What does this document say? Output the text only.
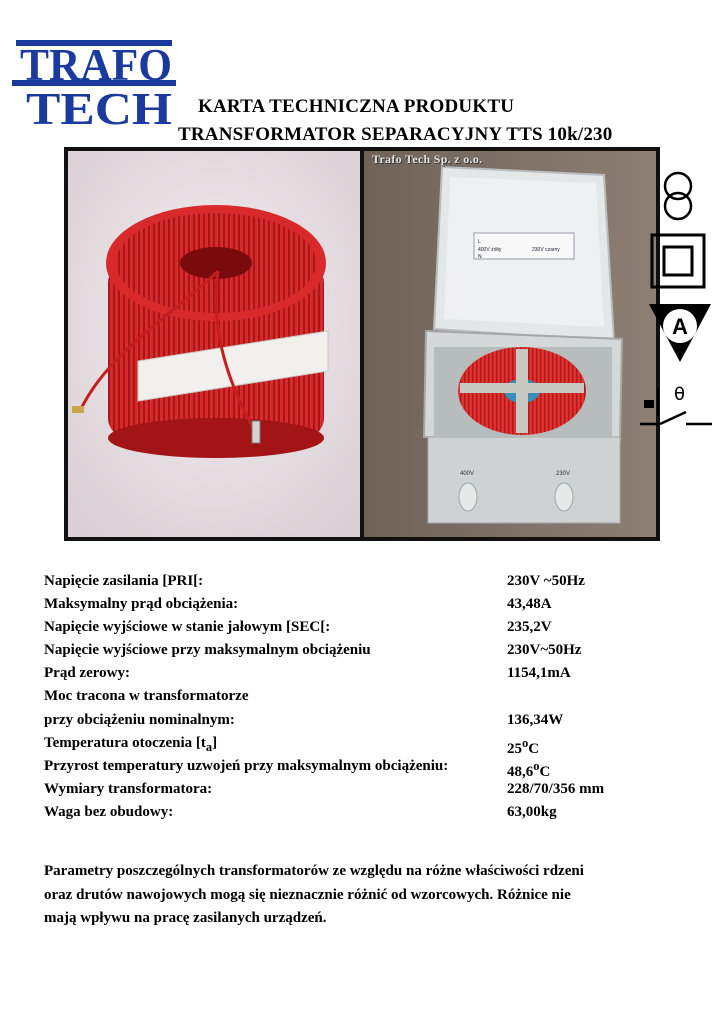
TRAFO
TECH KARTA TECHNICZNA PRODUKTU
TRANSFORMATOR SEPARACYJNY TTS 10k/230
L
400V żółty
N
230V czarny
400V	230V
Trafo Tech Sp. z o.o.
A
θ
Napięcie zasilania [PRI[:	230V ~50Hz
Maksymalny prąd obciążenia:	43,48A
Napięcie wyjściowe w stanie jałowym [SEC[:	235,2V
Napięcie wyjściowe przy maksymalnym obciążeniu	230V~50Hz
Prąd zerowy:	1154,1mA
Moc tracona w transformatorze
przy obciążeniu nominalnym:	136,34W
Temperatura otoczenia $[t_a]$	25$^o$C
Przyrost temperatury uzwojeń przy maksymalnym obciążeniu:	48,6$^o$C
Wymiary transformatora:	228/70/356 mm
Waga bez obudowy:	63,00kg
Parametry poszczególnych transformatorów ze względu na różne właściwości rdzeni
oraz drutów nawojowych mogą się nieznacznie różnić od wzorcowych. Różnice nie
mają wpływu na pracę zasilanych urządzeń.
